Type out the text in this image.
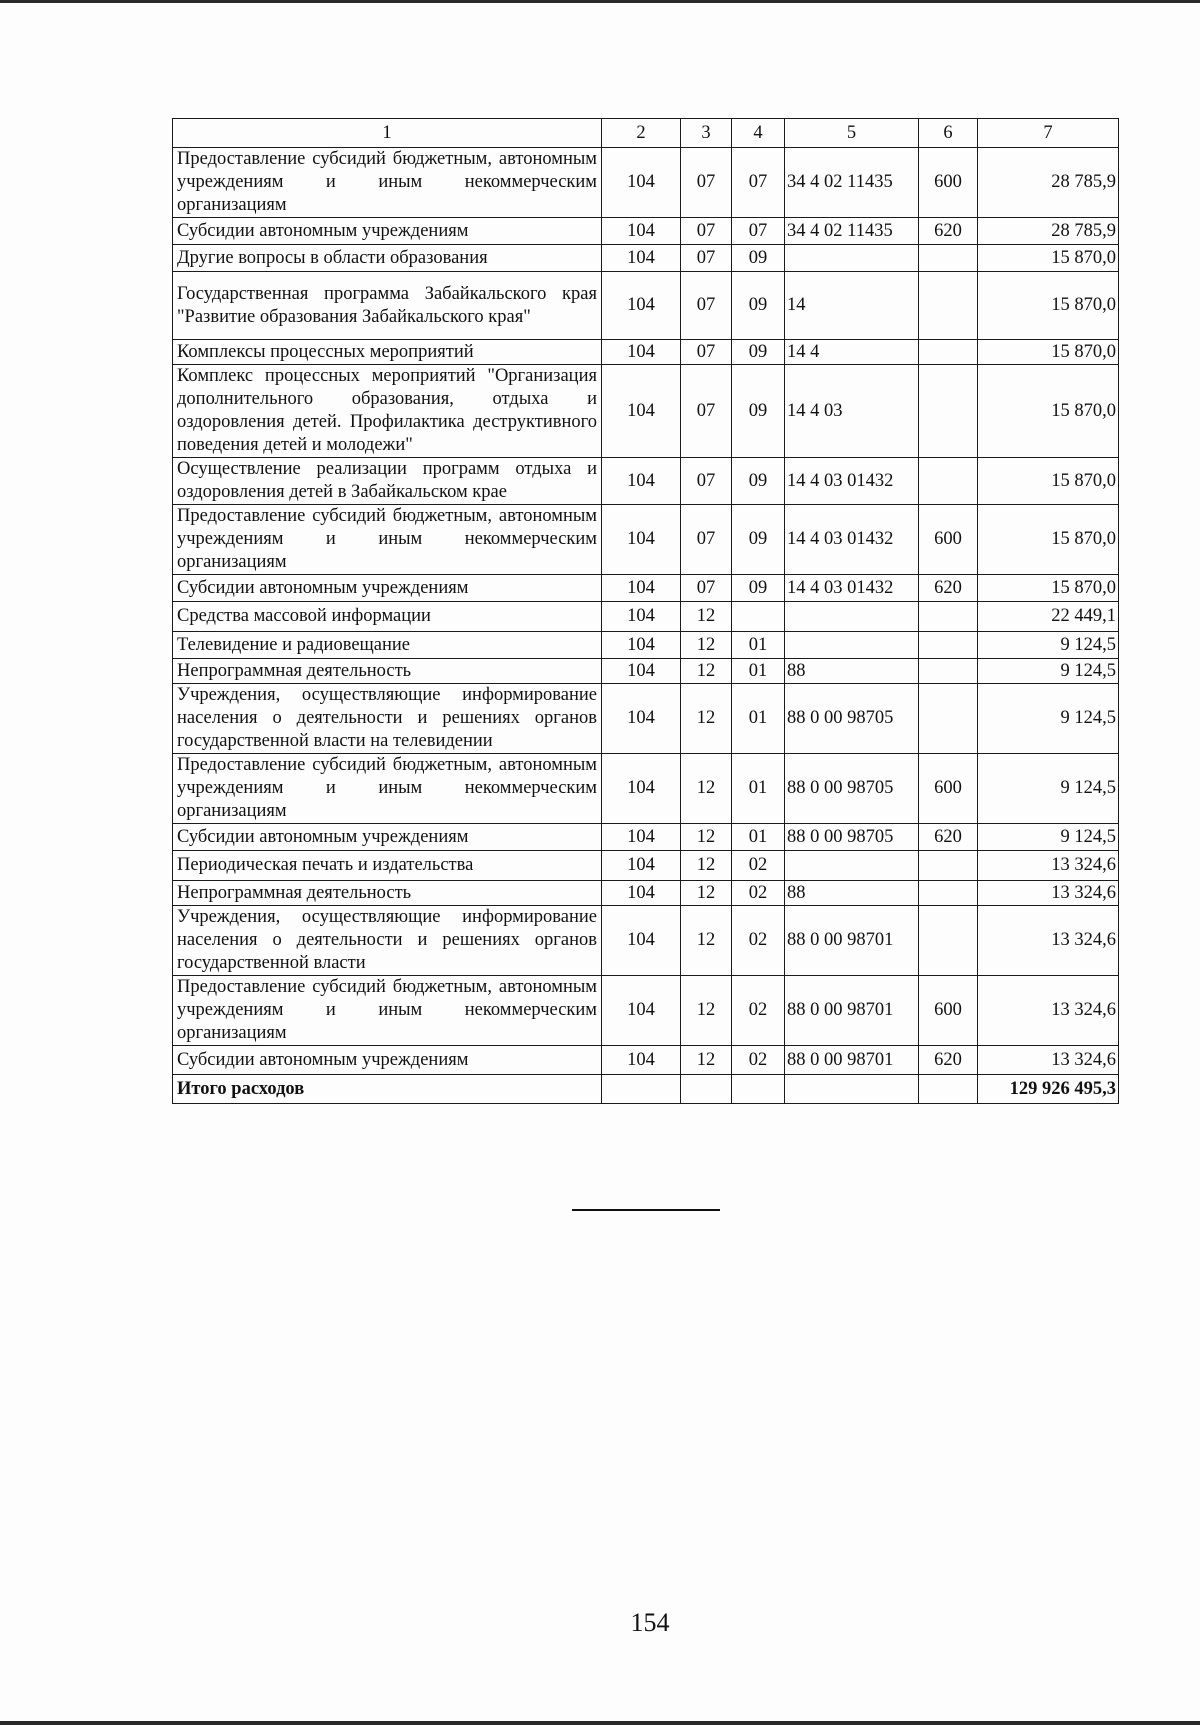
1	2	3	4	5	6	7
Предоставление субсидий бюджетным, автономным учреждениям и иным некоммерческим организациям	104	07	07	34 4 02 11435	600	28 785,9
Субсидии автономным учреждениям	104	07	07	34 4 02 11435	620	28 785,9
Другие вопросы в области образования	104	07	09			15 870,0
Государственная программа Забайкальского края "Развитие образования Забайкальского края"	104	07	09	14		15 870,0
Комплексы процессных мероприятий	104	07	09	14 4		15 870,0
Комплекс процессных мероприятий "Организация дополнительного образования, отдыха и оздоровления детей. Профилактика деструктивного поведения детей и молодежи"	104	07	09	14 4 03		15 870,0
Осуществление реализации программ отдыха и оздоровления детей в Забайкальском крае	104	07	09	14 4 03 01432		15 870,0
Предоставление субсидий бюджетным, автономным учреждениям и иным некоммерческим организациям	104	07	09	14 4 03 01432	600	15 870,0
Субсидии автономным учреждениям	104	07	09	14 4 03 01432	620	15 870,0
Средства массовой информации	104	12				22 449,1
Телевидение и радиовещание	104	12	01			9 124,5
Непрограммная деятельность	104	12	01	88		9 124,5
Учреждения, осуществляющие информирование населения о деятельности и решениях органов государственной власти на телевидении	104	12	01	88 0 00 98705		9 124,5
Предоставление субсидий бюджетным, автономным учреждениям и иным некоммерческим организациям	104	12	01	88 0 00 98705	600	9 124,5
Субсидии автономным учреждениям	104	12	01	88 0 00 98705	620	9 124,5
Периодическая печать и издательства	104	12	02			13 324,6
Непрограммная деятельность	104	12	02	88		13 324,6
Учреждения, осуществляющие информирование населения о деятельности и решениях органов государственной власти	104	12	02	88 0 00 98701		13 324,6
Предоставление субсидий бюджетным, автономным учреждениям и иным некоммерческим организациям	104	12	02	88 0 00 98701	600	13 324,6
Субсидии автономным учреждениям	104	12	02	88 0 00 98701	620	13 324,6
Итого расходов						129 926 495,3
154
